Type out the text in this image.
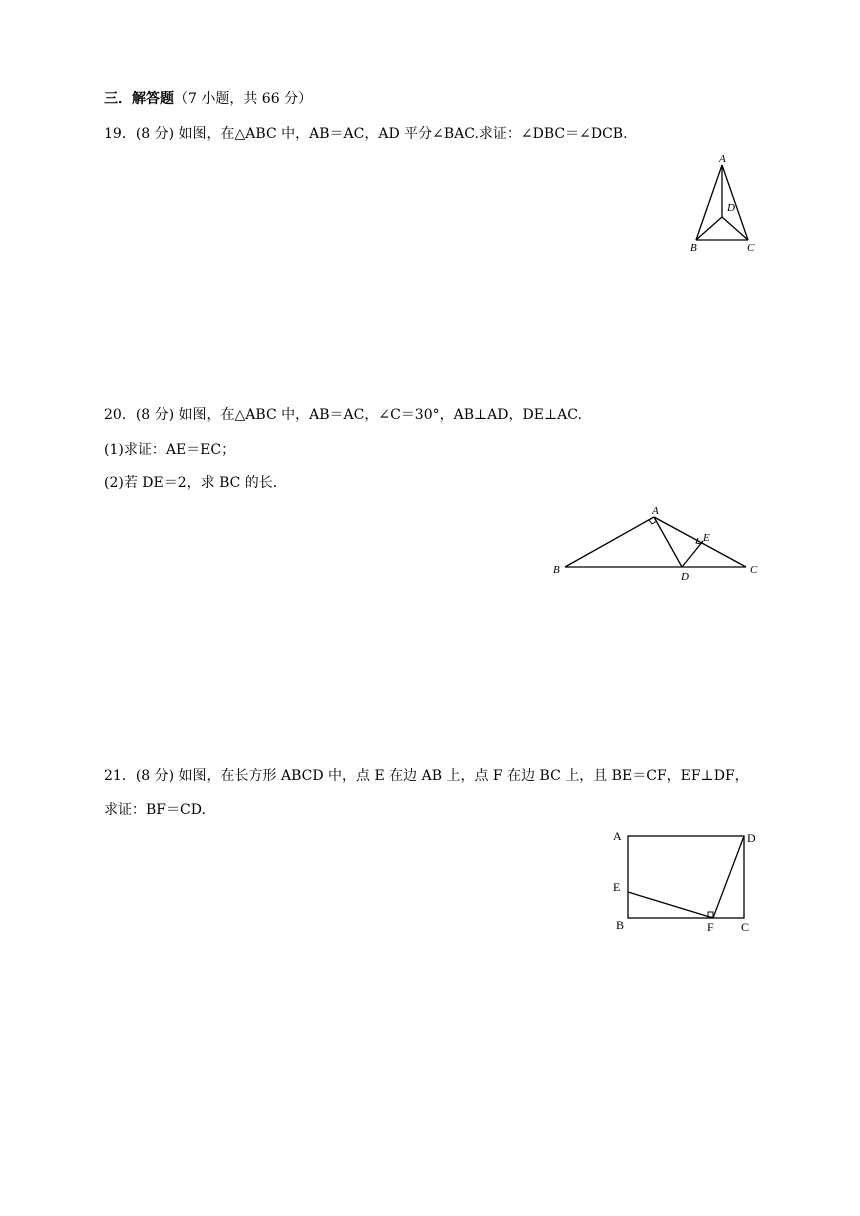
三．解答题（7 小题，共 66 分）
19．(8 分) 如图，在△ABC 中，AB＝AC，AD 平分∠BAC.求证：∠DBC＝∠DCB.
A
D
B	C
20．(8 分) 如图，在△ABC 中，AB＝AC，∠C＝30°，AB⊥AD，DE⊥AC.
(1)求证：AE＝EC；
(2)若 DE＝2，求 BC 的长．
A
E
B	C
D
21．(8 分) 如图，在长方形 ABCD 中，点 E 在边 AB 上，点 F 在边 BC 上，且 BE＝CF，EF⊥DF，
求证：BF＝CD.
A	D
E
B	F C
